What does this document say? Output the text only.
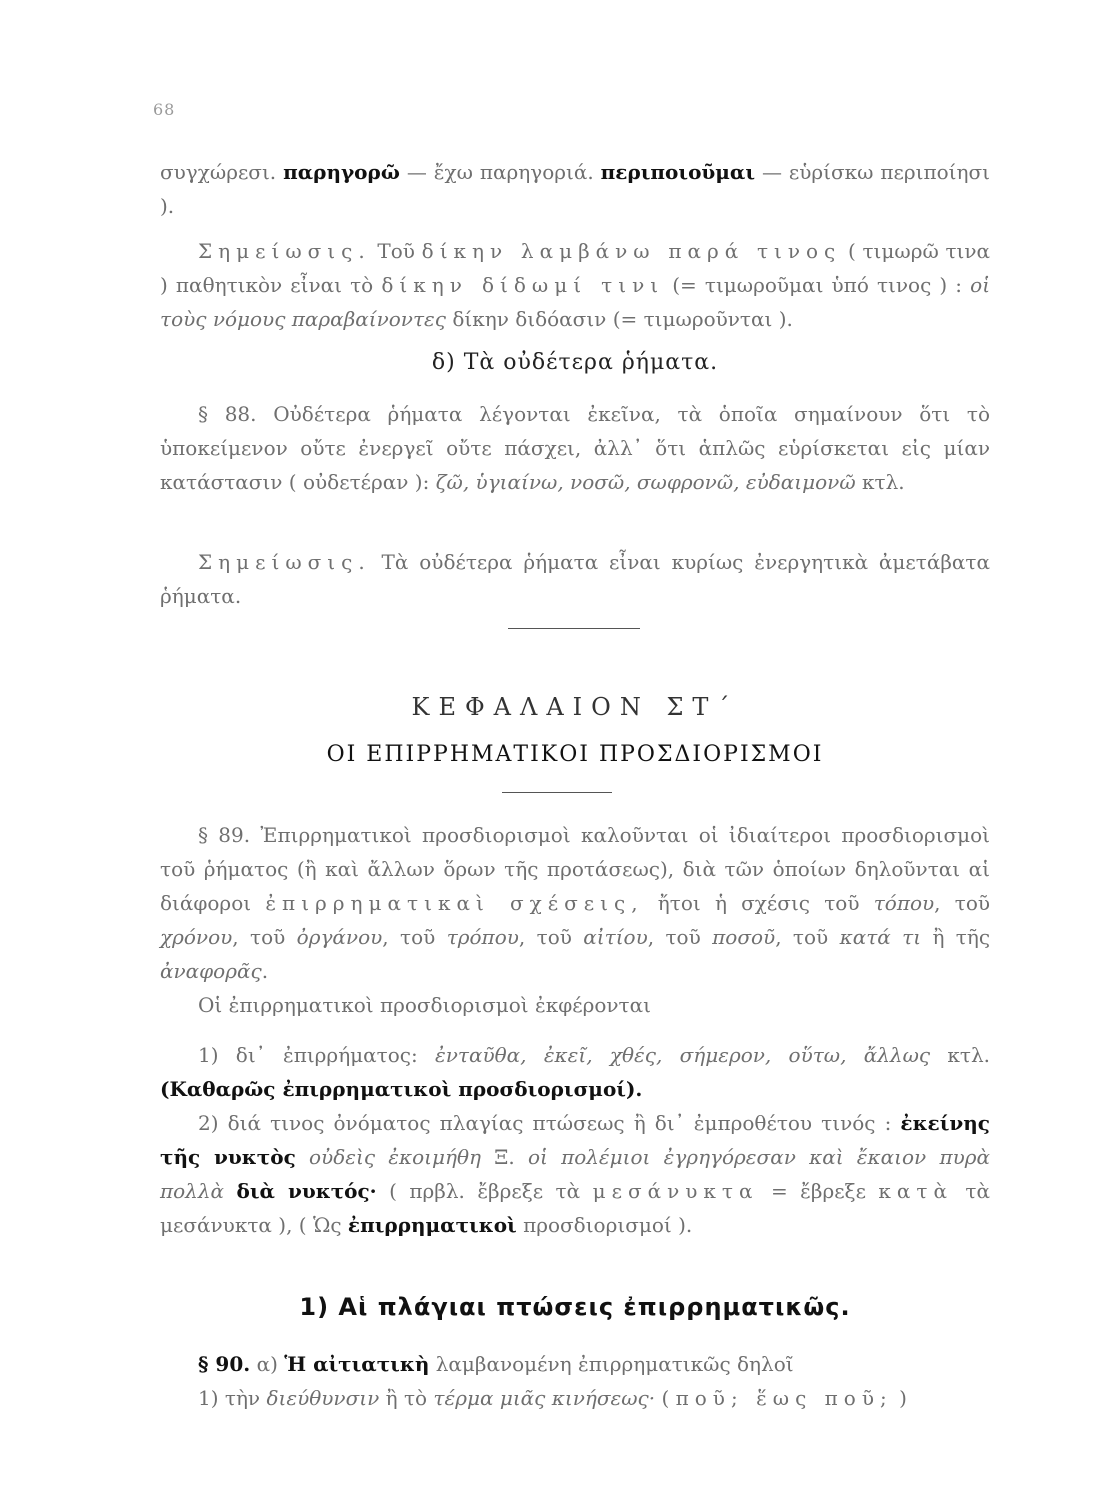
68

συγχώρεσι. παρηγορῶ — ἔχω παρηγοριά. περιποιοῦμαι — εὑρίσκω περιποίησι ).

Σημείωσις. Τοῦ δίκην λαμβάνω παρά τινος ( τιμωρῶ τινα ) παθητικὸν εἶναι τὸ δίκην δίδωμί τινι (= τιμωροῦμαι ὑπό τινος ) : οἱ τοὺς νόμους παραβαίνοντες δίκην διδόασιν (= τιμωροῦνται ).

δ) Τὰ οὐδέτερα ῥήματα.

§ 88. Οὐδέτερα ῥήματα λέγονται ἐκεῖνα, τὰ ὁποῖα σημαίνουν ὅτι τὸ ὑποκείμενον οὔτε ἐνεργεῖ οὔτε πάσχει, ἀλλ᾽ ὅτι ἁπλῶς εὑρίσκεται εἰς μίαν κατάστασιν ( οὐδετέραν ): ζῶ, ὑγιαίνω, νοσῶ, σωφρονῶ, εὐδαιμονῶ κτλ.

Σημείωσις. Τὰ οὐδέτερα ῥήματα εἶναι κυρίως ἐνεργητικὰ ἀμετάβατα ῥήματα.

ΚΕΦΑΛΑΙΟΝ ΣΤ΄

ΟΙ ΕΠΙΡΡΗΜΑΤΙΚΟΙ ΠΡΟΣΔΙΟΡΙΣΜΟΙ

§ 89. Ἐπιρρηματικοὶ προσδιορισμοὶ καλοῦνται οἱ ἰδιαίτεροι προσδιορισμοὶ τοῦ ῥήματος (ἢ καὶ ἄλλων ὅρων τῆς προτάσεως), διὰ τῶν ὁποίων δηλοῦνται αἱ διάφοροι ἐπιρρηματικαὶ σχέσεις, ἤτοι ἡ σχέσις τοῦ τόπου, τοῦ χρόνου, τοῦ ὀργάνου, τοῦ τρόπου, τοῦ αἰτίου, τοῦ ποσοῦ, τοῦ κατά τι ἢ τῆς ἀναφορᾶς.

Οἱ ἐπιρρηματικοὶ προσδιορισμοὶ ἐκφέρονται

1) δι᾽ ἐπιρρήματος: ἐνταῦθα, ἐκεῖ, χθές, σήμερον, οὕτω, ἄλλως κτλ. (Καθαρῶς ἐπιρρηματικοὶ προσδιορισμοί).

2) διά τινος ὀνόματος πλαγίας πτώσεως ἢ δι᾽ ἐμπροθέτου τινός : ἐκείνης τῆς νυκτὸς οὐδεὶς ἐκοιμήθη Ξ. οἱ πολέμιοι ἐγρηγόρεσαν καὶ ἔκαιον πυρὰ πολλὰ διὰ νυκτός· ( πρβλ. ἔβρεξε τὰ μεσάνυκτα = ἔβρεξε κατὰ τὰ μεσάνυκτα ), ( Ὡς ἐπιρρηματικοὶ προσδιορισμοί ).

1) Αἱ πλάγιαι πτώσεις ἐπιρρηματικῶς.

§ 90. α) Ἡ αἰτιατικὴ λαμβανομένη ἐπιρρηματικῶς δηλοῖ

1) τὴν διεύθυνσιν ἢ τὸ τέρμα μιᾶς κινήσεως· ( ποῦ; ἕως ποῦ; )
